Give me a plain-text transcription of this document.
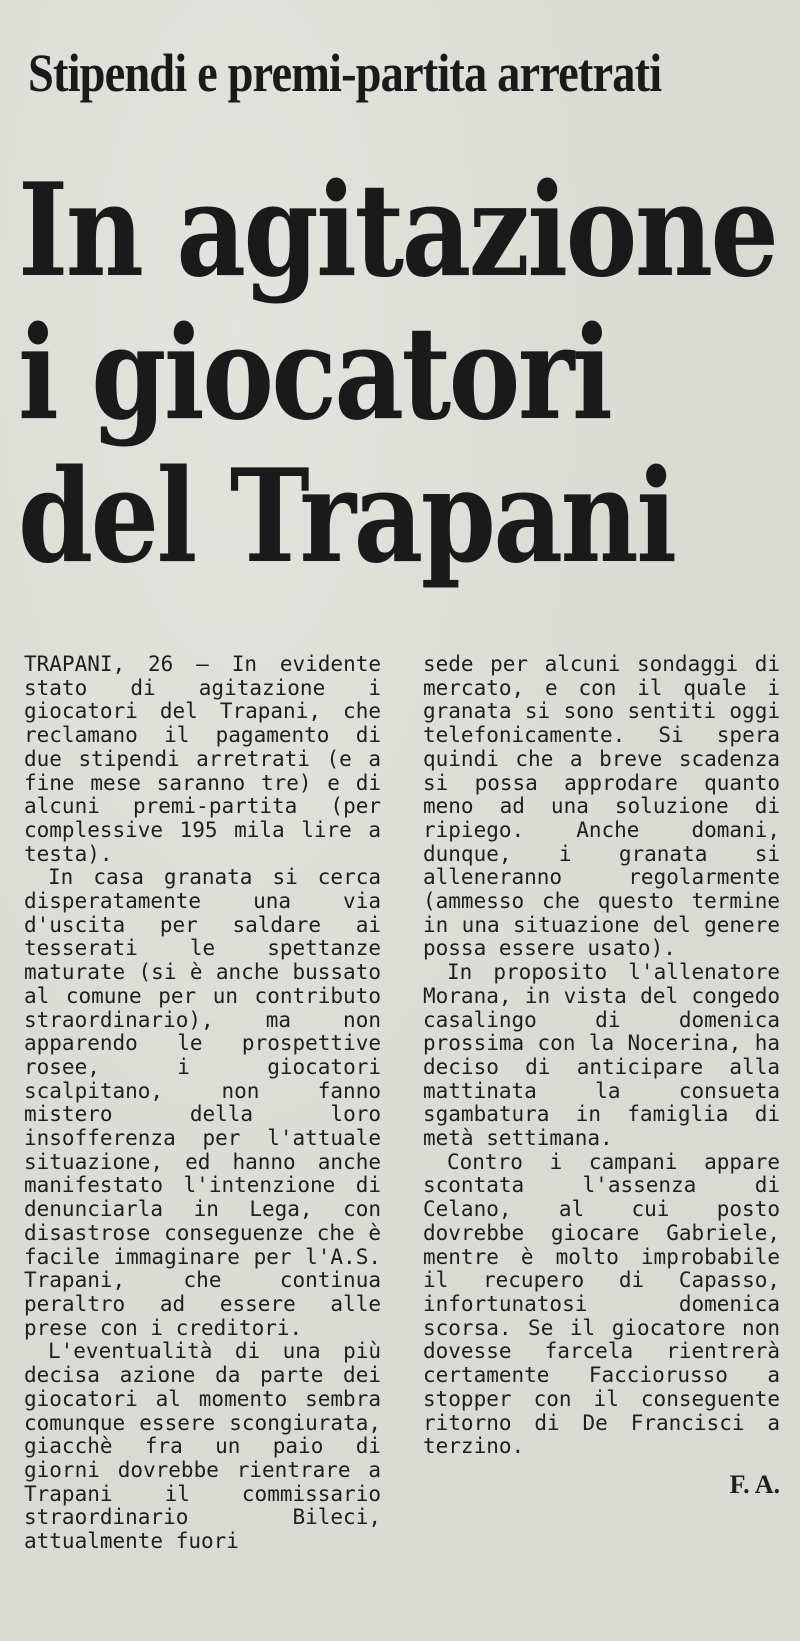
Stipendi e premi-partita arretrati
In agitazione
i giocatori
del Trapani

TRAPANI, 26 — In evidente stato di agitazione i giocatori del Trapani, che reclamano il pagamento di due stipendi arretrati (e a fine mese saranno tre) e di alcuni premi-partita (per complessive 195 mila lire a testa).

In casa granata si cerca disperatamente una via d'uscita per saldare ai tesserati le spettanze maturate (si è anche bussato al comune per un contributo straordinario), ma non apparendo le prospettive rosee, i giocatori scalpitano, non fanno mistero della loro insofferenza per l'attuale situazione, ed hanno anche manifestato l'intenzione di denunciarla in Lega, con disastrose conseguenze che è facile immaginare per l'A.S. Trapani, che continua peraltro ad essere alle prese con i creditori.

L'eventualità di una più decisa azione da parte dei giocatori al momento sembra comunque essere scongiurata, giacchè fra un paio di giorni dovrebbe rientrare a Trapani il commissario straordinario Bileci, attualmente fuori

sede per alcuni sondaggi di mercato, e con il quale i granata si sono sentiti oggi telefonicamente. Si spera quindi che a breve scadenza si possa approdare quanto meno ad una soluzione di ripiego. Anche domani, dunque, i granata si alleneranno regolarmente (ammesso che questo termine in una situazione del genere possa essere usato).

In proposito l'allenatore Morana, in vista del congedo casalingo di domenica prossima con la Nocerina, ha deciso di anticipare alla mattinata la consueta sgambatura in famiglia di metà settimana.

Contro i campani appare scontata l'assenza di Celano, al cui posto dovrebbe giocare Gabriele, mentre è molto improbabile il recupero di Capasso, infortunatosi domenica scorsa. Se il giocatore non dovesse farcela rientrerà certamente Facciorusso a stopper con il conseguente ritorno di De Francisci a terzino.

F. A.
